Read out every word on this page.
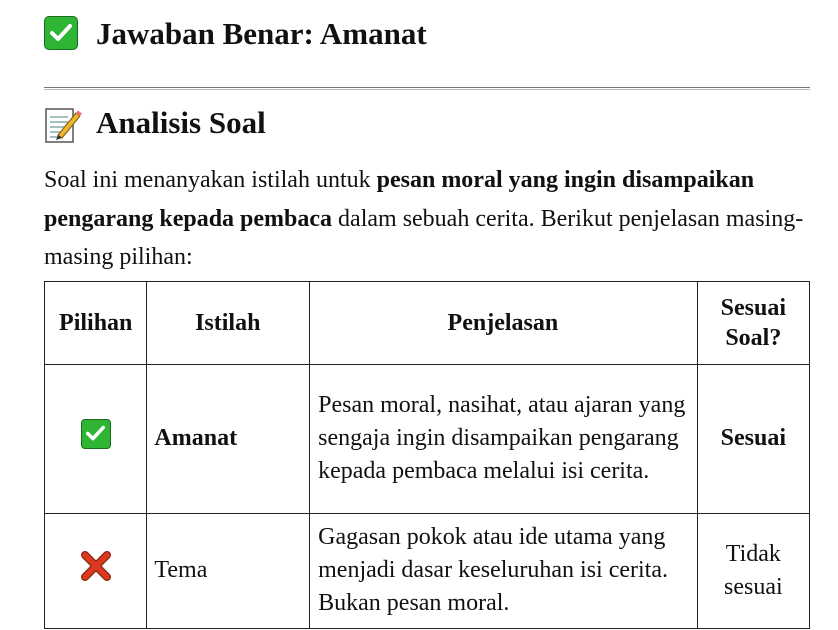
Jawaban Benar: Amanat
Analisis Soal

Soal ini menanyakan istilah untuk pesan moral yang ingin disampaikan pengarang kepada pembaca dalam sebuah cerita. Berikut penjelasan masing-masing pilihan:

Pilihan	Istilah	Penjelasan	Sesuai Soal?

	Amanat	Pesan moral, nasihat, atau ajaran yang sengaja ingin disampaikan pengarang kepada pembaca melalui isi cerita.	Sesuai
	Tema	Gagasan pokok atau ide utama yang menjadi dasar keseluruhan isi cerita. Bukan pesan moral.	Tidak sesuai
